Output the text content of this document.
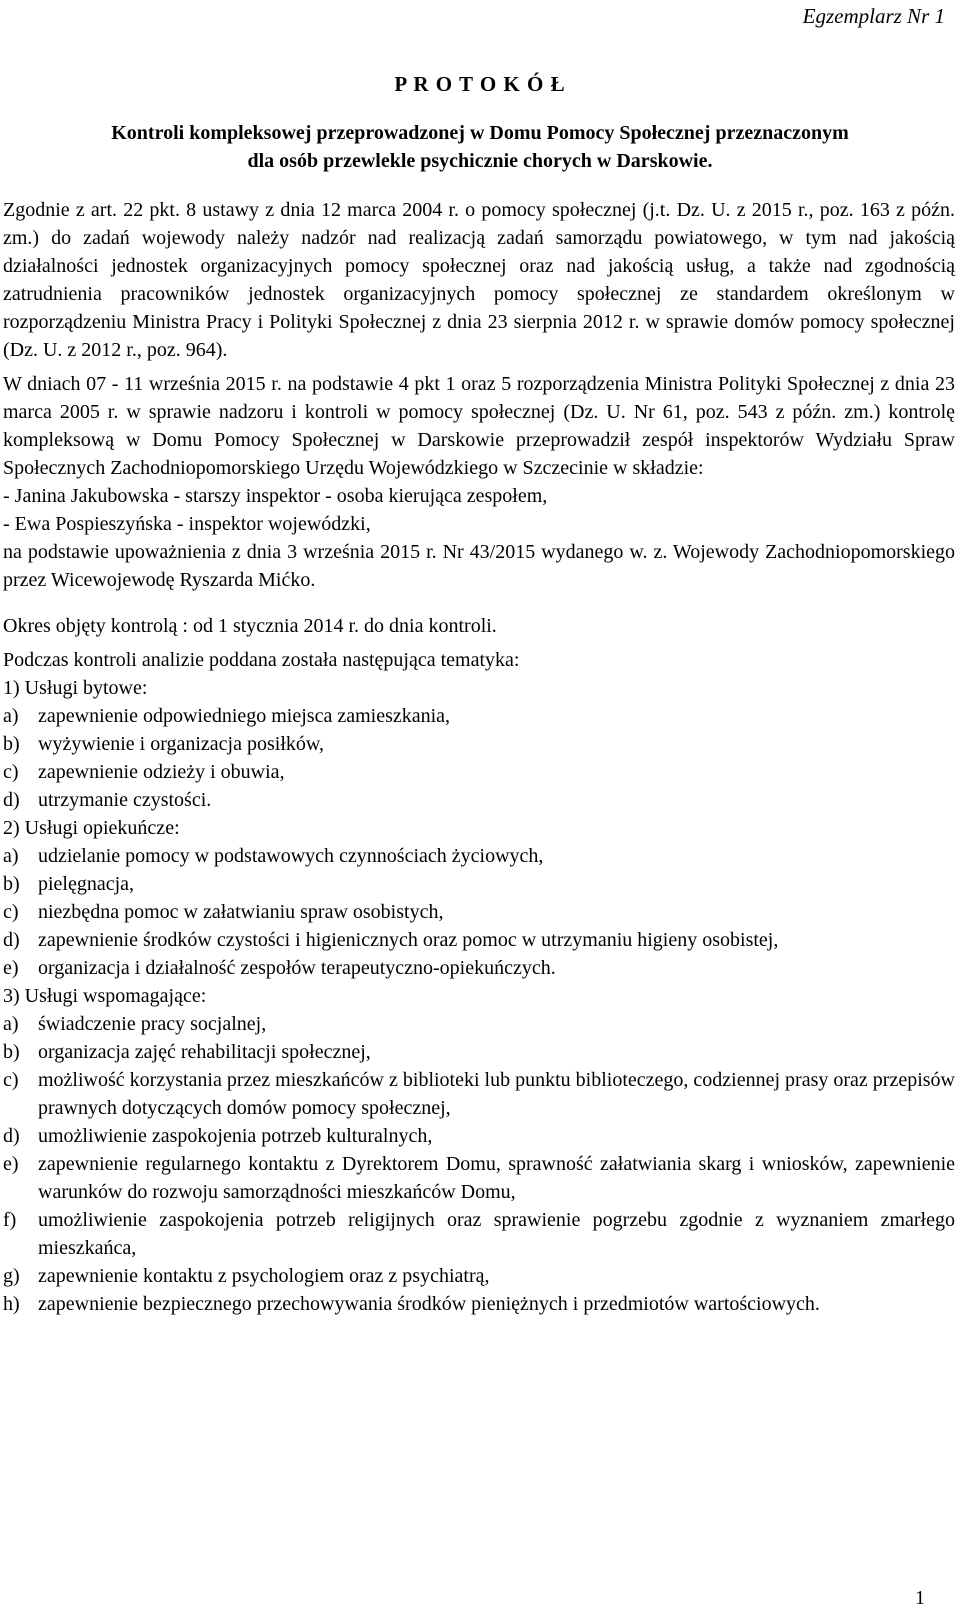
Egzemplarz Nr 1
P R O T O K Ó Ł
Kontroli kompleksowej przeprowadzonej w Domu Pomocy Społecznej przeznaczonym
dla osób przewlekle psychicznie chorych w Darskowie.

Zgodnie z art. 22 pkt. 8 ustawy z dnia 12 marca 2004 r. o pomocy społecznej (j.t. Dz. U. z 2015 r., poz. 163 z późn. zm.) do zadań wojewody należy nadzór nad realizacją zadań samorządu powiatowego, w tym nad jakością działalności jednostek organizacyjnych pomocy społecznej oraz nad jakością usług, a także nad zgodnością zatrudnienia pracowników jednostek organizacyjnych pomocy społecznej ze standardem określonym w rozporządzeniu Ministra Pracy i Polityki Społecznej z dnia 23 sierpnia 2012 r. w sprawie domów pomocy społecznej (Dz. U. z 2012 r., poz. 964).

W dniach 07 - 11 września 2015 r. na podstawie 4 pkt 1 oraz 5 rozporządzenia Ministra Polityki Społecznej z dnia 23 marca 2005 r. w sprawie nadzoru i kontroli w pomocy społecznej (Dz. U. Nr 61, poz. 543 z późn. zm.) kontrolę kompleksową w Domu Pomocy Społecznej w Darskowie przeprowadził zespół inspektorów Wydziału Spraw Społecznych Zachodniopomorskiego Urzędu Wojewódzkiego w Szczecinie w składzie:

- Janina Jakubowska - starszy inspektor - osoba kierująca zespołem,

- Ewa Pospieszyńska - inspektor wojewódzki,

na podstawie upoważnienia z dnia 3 września 2015 r. Nr 43/2015 wydanego w. z. Wojewody Zachodniopomorskiego przez Wicewojewodę Ryszarda Mićko.

Okres objęty kontrolą : od 1 stycznia 2014 r. do dnia kontroli.

Podczas kontroli analizie poddana została następująca tematyka:

1) Usługi bytowe:
a) zapewnienie odpowiedniego miejsca zamieszkania,
b) wyżywienie i organizacja posiłków,
c) zapewnienie odzieży i obuwia,
d) utrzymanie czystości.
2) Usługi opiekuńcze:
a) udzielanie pomocy w podstawowych czynnościach życiowych,
b) pielęgnacja,
c) niezbędna pomoc w załatwianiu spraw osobistych,
d) zapewnienie środków czystości i higienicznych oraz pomoc w utrzymaniu higieny osobistej,
e) organizacja i działalność zespołów terapeutyczno-opiekuńczych.
3) Usługi wspomagające:
a) świadczenie pracy socjalnej,
b) organizacja zajęć rehabilitacji społecznej,
c) możliwość korzystania przez mieszkańców z biblioteki lub punktu biblioteczego, codziennej prasy oraz przepisów prawnych dotyczących domów pomocy społecznej,
d) umożliwienie zaspokojenia potrzeb kulturalnych,
e) zapewnienie regularnego kontaktu z Dyrektorem Domu, sprawność załatwiania skarg i wniosków, zapewnienie warunków do rozwoju samorządności mieszkańców Domu,
f)	umożliwienie zaspokojenia potrzeb religijnych oraz sprawienie pogrzebu zgodnie z wyznaniem zmarłego mieszkańca,
g) zapewnienie kontaktu z psychologiem oraz z psychiatrą,
h) zapewnienie bezpiecznego przechowywania środków pieniężnych i przedmiotów wartościowych.
1
